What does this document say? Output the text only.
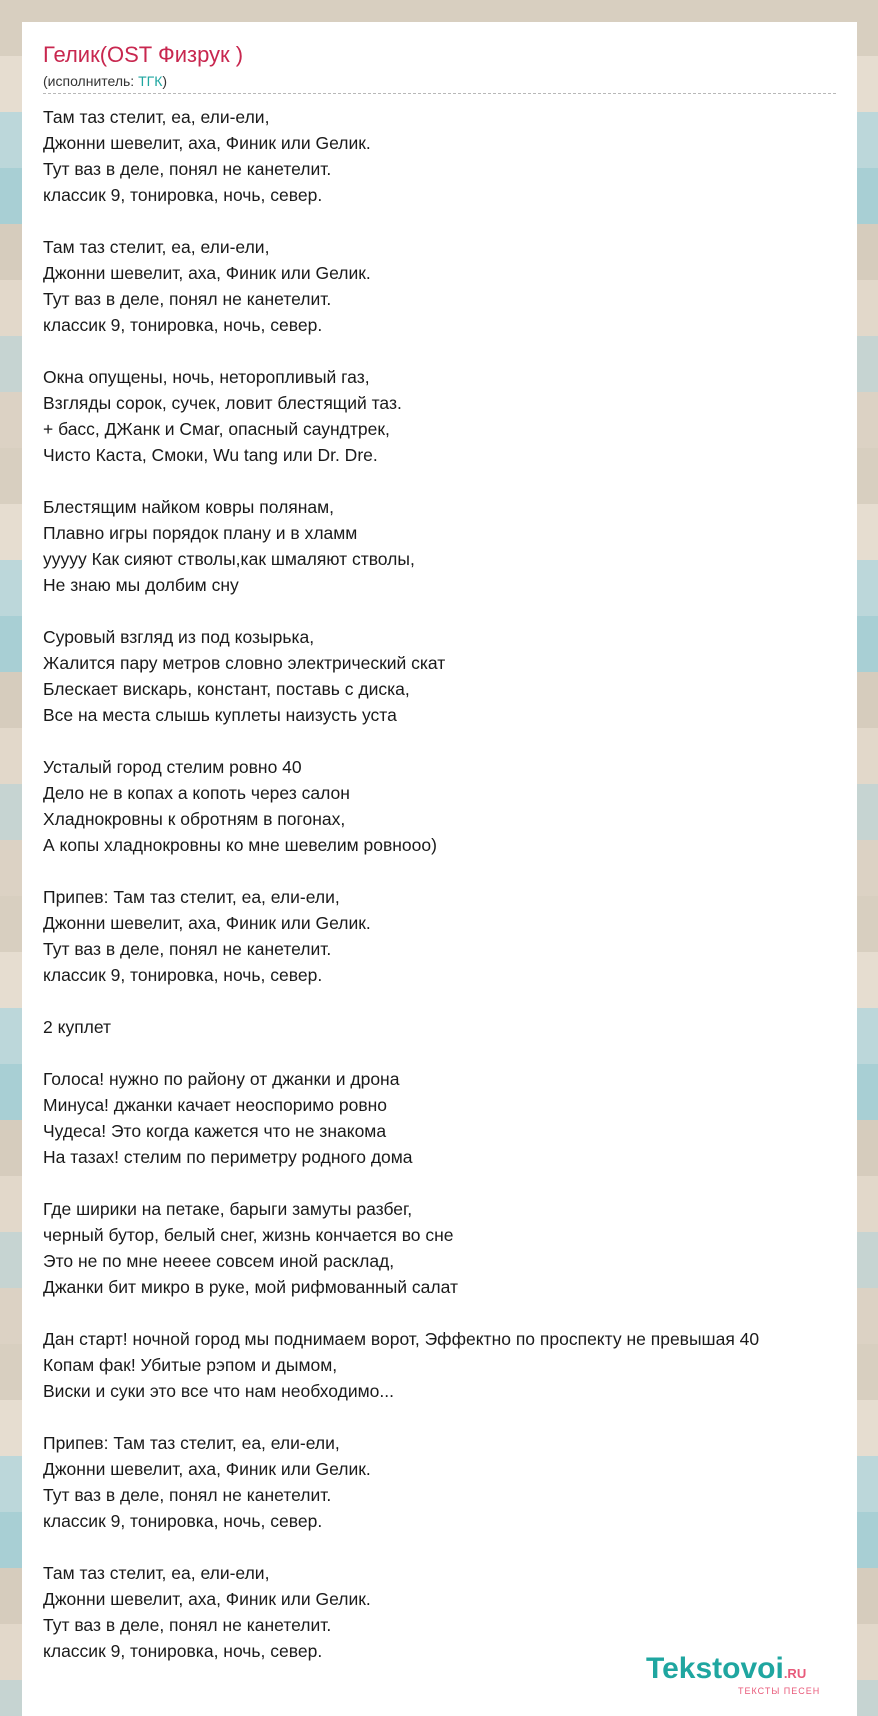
Гелик(OST Физрук )
(исполнитель: ТГК)
Там таз стелит, еа, ели-ели,
Джонни шевелит, аха, Финик или Gелик.
Тут ваз в деле, понял не канетелит.
классик 9, тонировка, ночь, север.
Там таз стелит, еа, ели-ели,
Джонни шевелит, аха, Финик или Gелик.
Тут ваз в деле, понял не канетелит.
классик 9, тонировка, ночь, север.
Окна опущены, ночь, неторопливый газ,
Взгляды сорок, сучек, ловит блестящий таз.
+ басс, ДЖанк и Cмar, опасный саундтрек,
Чисто Каста, Смоки, Wu tang или Dr. Dre.
Блестящим найком ковры полянам,
Плавно игры порядок плану и в хламм
ууууу Как сияют стволы,как шмаляют стволы,
Не знаю мы долбим сну
Суровый взгляд из под козырька,
Жалится пару метров словно электрический скат
Блескает вискарь, констант, поставь с диска,
Все на места слышь куплеты наизусть уста
Усталый город стелим ровно 40
Дело не в копах а копоть через салон
Хладнокровны к обротням в погонах,
А копы хладнокровны ко мне шевелим ровнооо)
Припев: Там таз стелит, еа, ели-ели,
Джонни шевелит, аха, Финик или Gелик.
Тут ваз в деле, понял не канетелит.
классик 9, тонировка, ночь, север.
2 куплет
Голоса! нужно по району от джанки и дрона
Минуса! джанки качает неоспоримо ровно
Чудеса! Это когда кажется что не знакома
На тазах! стелим по периметру родного дома
Где ширики на петаке, барыги замуты разбег,
черный бутор, белый снег, жизнь кончается во сне
Это не по мне нееее совсем иной расклад,
Джанки бит микро в руке, мой рифмованный салат
Дан старт! ночной город мы поднимаем ворот, Эффектно по проспекту не превышая 40
Копам фак! Убитые рэпом и дымом,
Виски и суки это все что нам необходимо...
Припев: Там таз стелит, еа, ели-ели,
Джонни шевелит, аха, Финик или Gелик.
Тут ваз в деле, понял не канетелит.
классик 9, тонировка, ночь, север.
Там таз стелит, еа, ели-ели,
Джонни шевелит, аха, Финик или Gелик.
Тут ваз в деле, понял не канетелит.
классик 9, тонировка, ночь, север.
Tekstovoi.RU
ТЕКСТЫ ПЕСЕН
